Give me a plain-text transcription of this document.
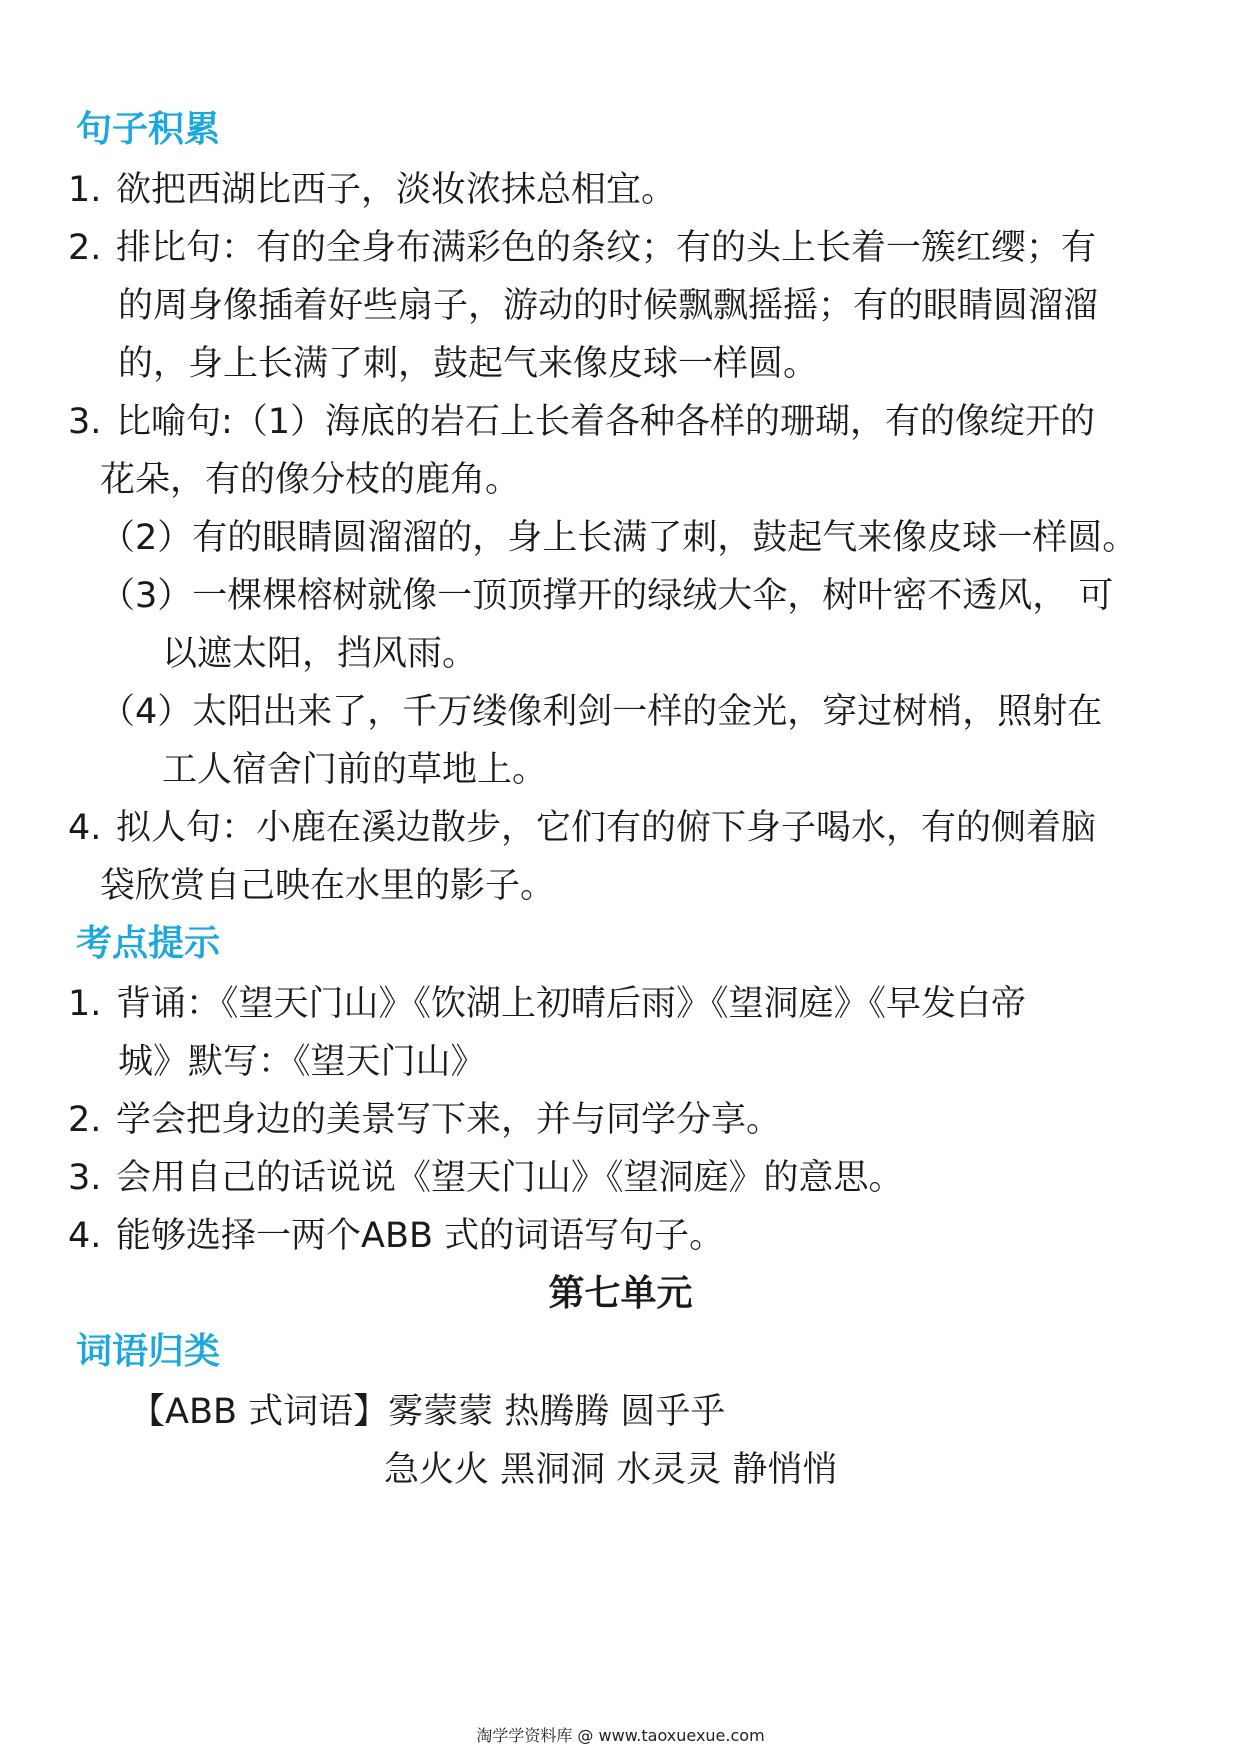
句子积累
1. 欲把西湖比西子，淡妆浓抹总相宜。
2. 排比句：有的全身布满彩色的条纹；有的头上长着一簇红缨；有
的周身像插着好些扇子，游动的时候飘飘摇摇；有的眼睛圆溜溜
的，身上长满了刺，鼓起气来像皮球一样圆。
3. 比喻句:（1）海底的岩石上长着各种各样的珊瑚，有的像绽开的
花朵，有的像分枝的鹿角。
（2）有的眼睛圆溜溜的，身上长满了刺，鼓起气来像皮球一样圆。
（3）一棵棵榕树就像一顶顶撑开的绿绒大伞，树叶密不透风， 可
以遮太阳，挡风雨。
（4）太阳出来了，千万缕像利剑一样的金光，穿过树梢，照射在
工人宿舍门前的草地上。
4. 拟人句：小鹿在溪边散步，它们有的俯下身子喝水，有的侧着脑
袋欣赏自己映在水里的影子。
考点提示
1. 背诵：《望天门山》《饮湖上初晴后雨》《望洞庭》《早发白帝
城》默写：《望天门山》
2. 学会把身边的美景写下来，并与同学分享。
3. 会用自己的话说说《望天门山》《望洞庭》的意思。
4. 能够选择一两个ABB 式的词语写句子。
第七单元
词语归类
【ABB 式词语】雾蒙蒙 热腾腾 圆乎乎
急火火 黑洞洞 水灵灵 静悄悄
淘学学资料库 @ www.taoxuexue.com
